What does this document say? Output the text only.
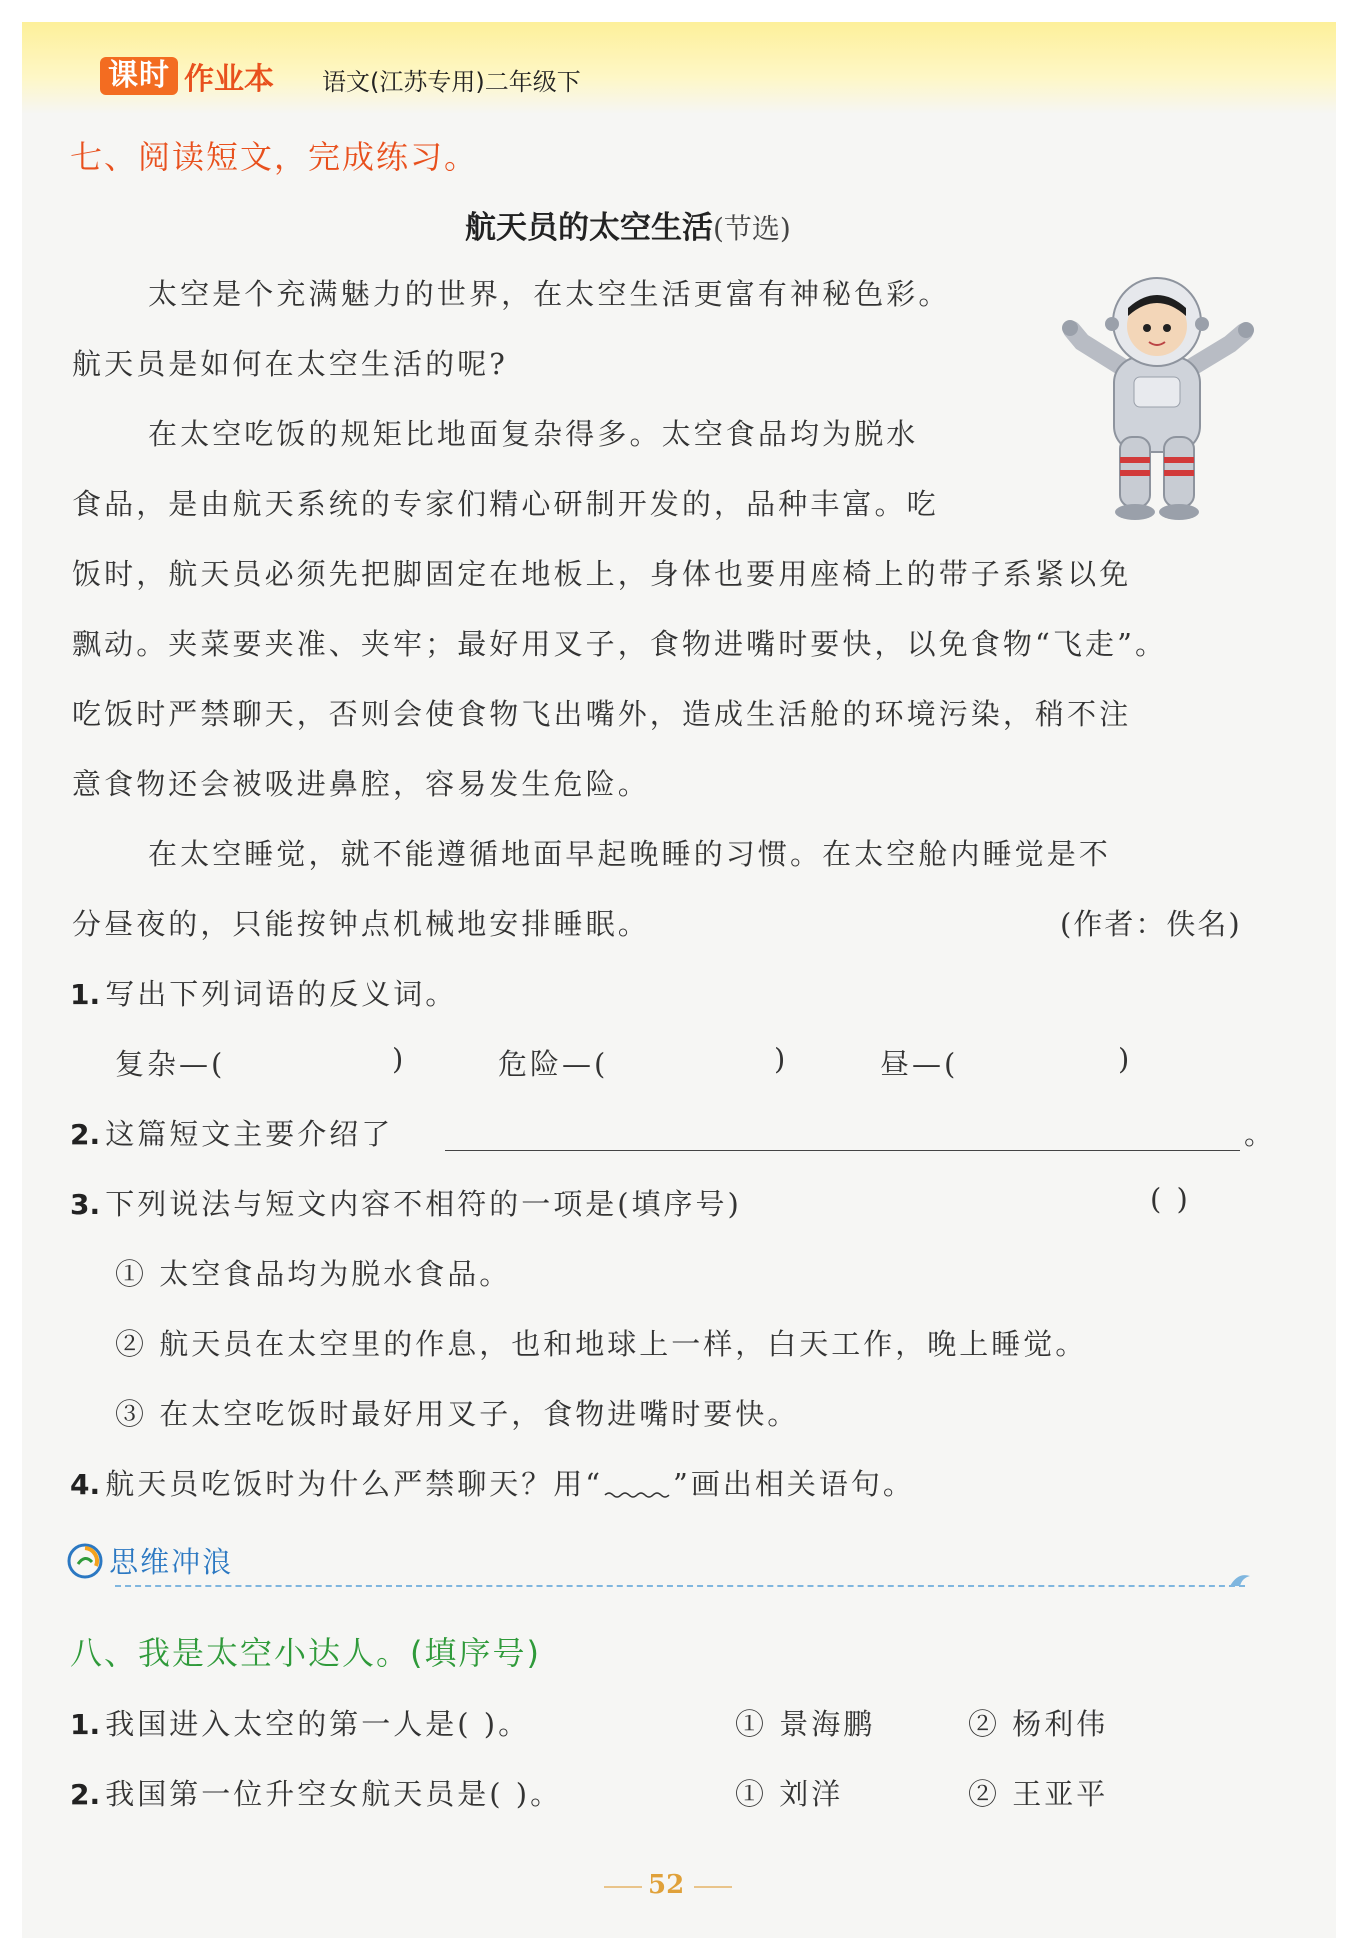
课时 作业本 语文(江苏专用)二年级下
七、阅读短文，完成练习。
航天员的太空生活(节选)
太空是个充满魅力的世界，在太空生活更富有神秘色彩。
航天员是如何在太空生活的呢?
在太空吃饭的规矩比地面复杂得多。太空食品均为脱水
食品，是由航天系统的专家们精心研制开发的，品种丰富。吃
饭时，航天员必须先把脚固定在地板上，身体也要用座椅上的带子系紧以免
飘动。夹菜要夹准、夹牢；最好用叉子，食物进嘴时要快，以免食物“飞走”。
吃饭时严禁聊天，否则会使食物飞出嘴外，造成生活舱的环境污染，稍不注
意食物还会被吸进鼻腔，容易发生危险。
在太空睡觉，就不能遵循地面早起晚睡的习惯。在太空舱内睡觉是不
分昼夜的，只能按钟点机械地安排睡眠。	(作者：佚名)
1. 写出下列词语的反义词。
复杂—(	)	危险—(	)	昼—(	)
2. 这篇短文主要介绍了	。
3. 下列说法与短文内容不相符的一项是(填序号)	( )
① 太空食品均为脱水食品。
② 航天员在太空里的作息，也和地球上一样，白天工作，晚上睡觉。
③ 在太空吃饭时最好用叉子，食物进嘴时要快。
4. 航天员吃饭时为什么严禁聊天？用“ ”画出相关语句。
思维冲浪
八、我是太空小达人。(填序号)
1. 我国进入太空的第一人是( )。	① 景海鹏	② 杨利伟
2. 我国第一位升空女航天员是( )。	① 刘洋	② 王亚平
52
